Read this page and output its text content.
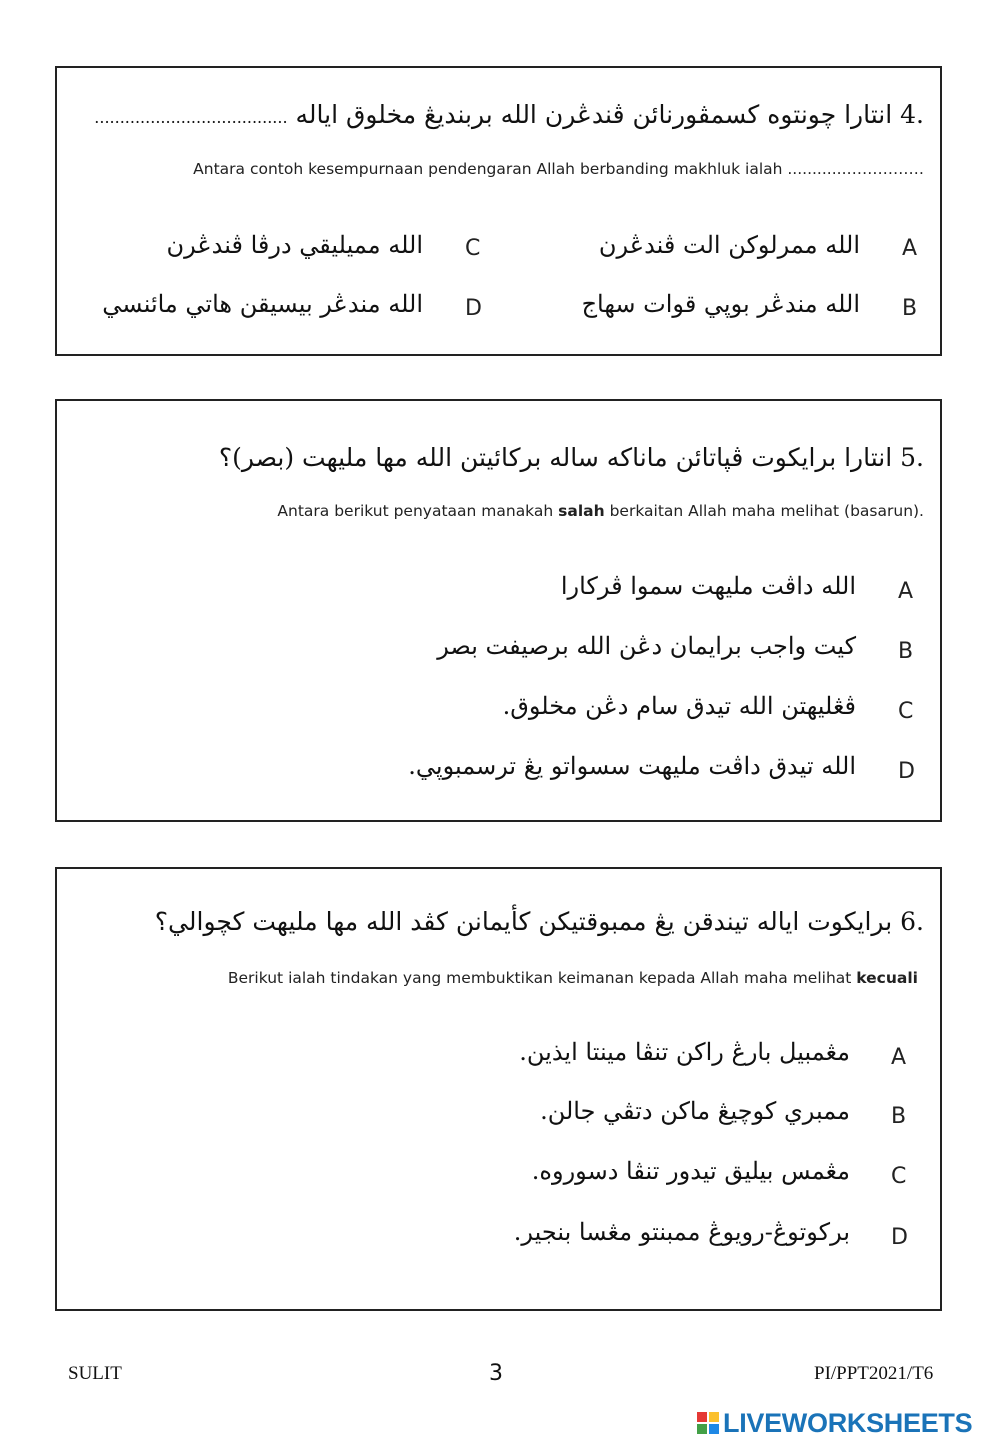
4. انتارا چونتوه کسمڤورنائن ڤندڠرن الله بربنديڠ مخلوق اياله ......................................
Antara contoh kesempurnaan pendengaran Allah berbanding makhluk ialah ............……………
A
الله ممرلوکن الت ڤندڠرن
B
الله مندڠر بوپي قوات سهاج
C
الله مميليقي درڤا ڤندڠرن
D
الله مندڠر بيسيقن هاتي مائنسي
5. انتارا برايکوت ڤپاتائن ماناکه ساله برکائيتن الله مها مليهت (بصر)؟
Antara berikut penyataan manakah salah berkaitan Allah maha melihat (basarun).
A
الله داڤت مليهت سموا ڤرکارا
B
کيت واجب برايمان دڠن الله برصيفت بصر
C
ڤڠليهتن الله تيدق سام دڠن مخلوق.
D
الله تيدق داڤت مليهت سسواتو يڠ ترسمبوپي.
6. برايکوت اياله تيندقن يڠ ممبوقتيکن کأيمانن کڤد الله مها مليهت کچوالي؟
Berikut ialah tindakan yang membuktikan keimanan kepada Allah maha melihat kecuali
A
مڠمبيل بارڠ راکن تنڤا مينتا ايذين.
B
ممبري کوچيڠ ماکن دتڤي جالن.
C
مڠمس بيليق تيدور تنڤا دسوروه.
D
برکوتوڠ-رويوڠ ممبنتو مڠسا بنجير.
SULIT	3	PI/PPT2021/T6
LIVEWORKSHEETS
